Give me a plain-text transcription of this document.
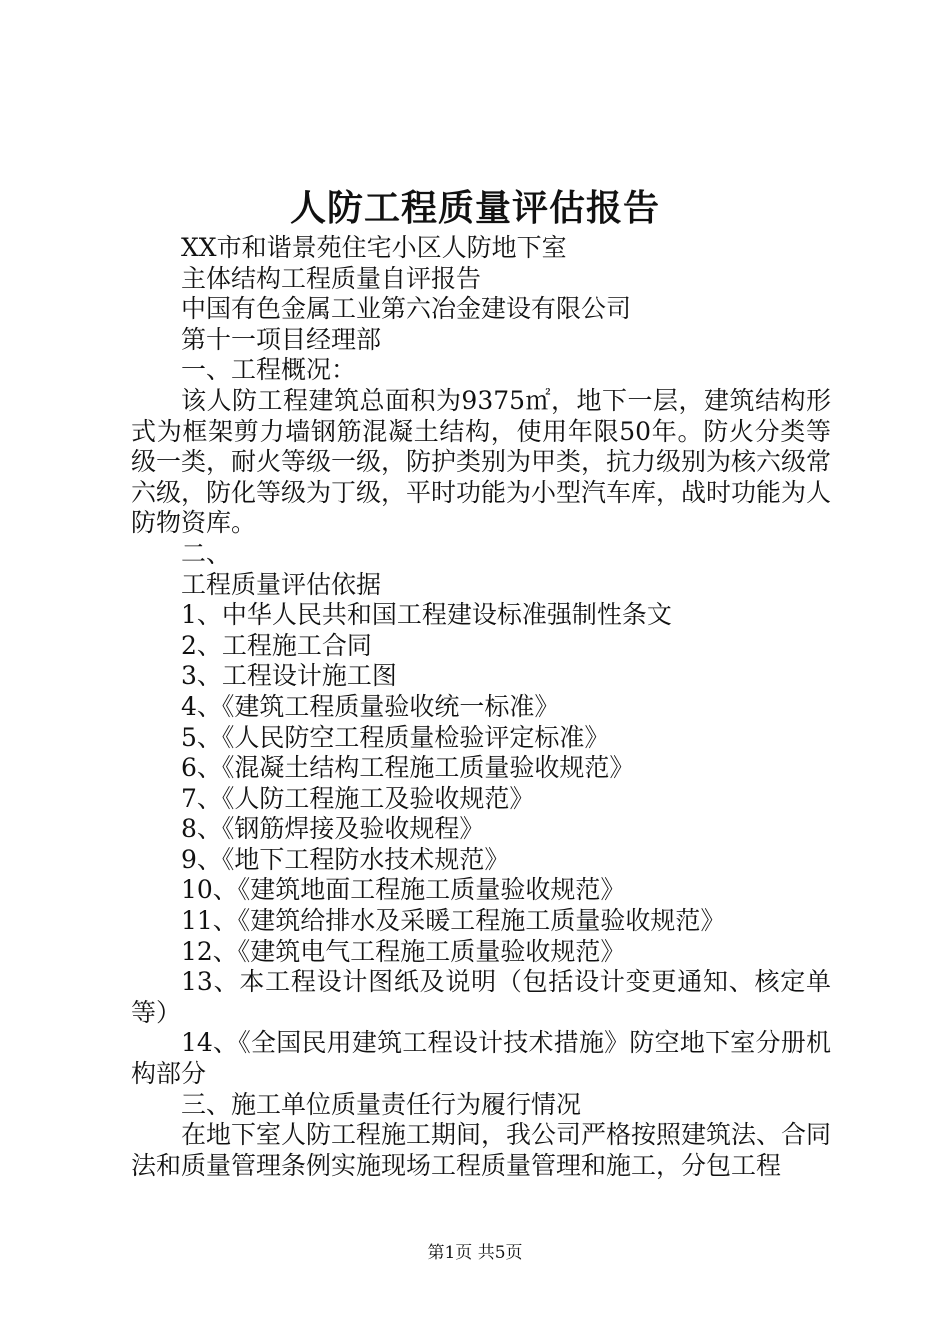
人防工程质量评估报告

XX市和谐景苑住宅小区人防地下室

主体结构工程质量自评报告

中国有色金属工业第六冶金建设有限公司

第十一项目经理部

一、工程概况：

该人防工程建筑总面积为9375㎡，地下一层，建筑结构形式为框架剪力墙钢筋混凝土结构，使用年限50年。防火分类等级一类，耐火等级一级，防护类别为甲类，抗力级别为核六级常六级，防化等级为丁级，平时功能为小型汽车库，战时功能为人防物资库。

二、

工程质量评估依据

1、中华人民共和国工程建设标准强制性条文

2、工程施工合同

3、工程设计施工图

4、《建筑工程质量验收统一标准》

5、《人民防空工程质量检验评定标准》

6、《混凝土结构工程施工质量验收规范》

7、《人防工程施工及验收规范》

8、《钢筋焊接及验收规程》

9、《地下工程防水技术规范》

10、《建筑地面工程施工质量验收规范》

11、《建筑给排水及采暖工程施工质量验收规范》

12、《建筑电气工程施工质量验收规范》

13、本工程设计图纸及说明（包括设计变更通知、核定单等）

14、《全国民用建筑工程设计技术措施》防空地下室分册机构部分

三、施工单位质量责任行为履行情况

在地下室人防工程施工期间，我公司严格按照建筑法、合同法和质量管理条例实施现场工程质量管理和施工，分包工程

第1页 共5页
